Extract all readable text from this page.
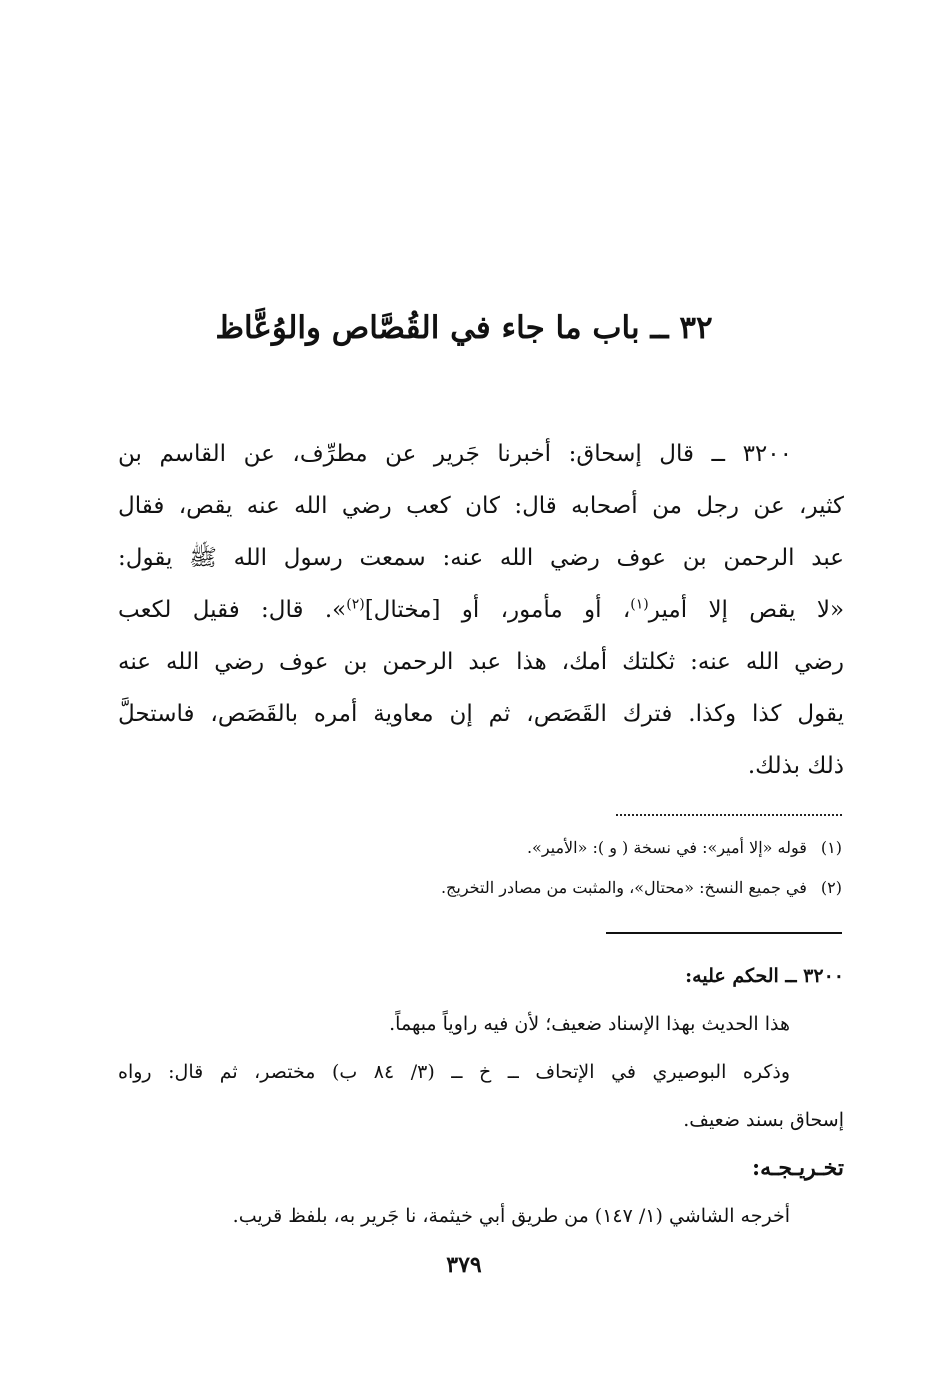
٣٢ ــ باب ما جاء في القُصَّاص والوُعَّاظ
٣٢٠٠ ــ قال إسحاق: أخبرنا جَرير عن مطرِّف، عن القاسم بن
كثير، عن رجل من أصحابه قال: كان كعب رضي الله عنه يقص، فقال
عبد الرحمن بن عوف رضي الله عنه: سمعت رسول الله ﷺ يقول:
«لا يقص إلا أمير$^{(١)}$، أو مأمور، أو [مختال]$^{(٢)}$». قال: فقيل لكعب
رضي الله عنه: ثكلتك أمك، هذا عبد الرحمن بن عوف رضي الله عنه
يقول كذا وكذا. فترك القَصَص، ثم إن معاوية أمره بالقَصَص، فاستحلَّ
ذلك بذلك.
(١)قوله «إلا أمير»: في نسخة ( و ): «الأمير».
(٢)في جميع النسخ: «محتال»، والمثبت من مصادر التخريج.
٣٢٠٠ ــ الحكم عليه:
هذا الحديث بهذا الإسناد ضعيف؛ لأن فيه راوياً مبهماً.
وذكره البوصيري في الإتحاف ــ خ ــ (٣/ ٨٤ ب) مختصر، ثم قال: رواه
إسحاق بسند ضعيف.
تخـريـجـه:
أخرجه الشاشي (١/ ١٤٧) من طريق أبي خيثمة، نا جَرير به، بلفظ قريب.
٣٧٩
